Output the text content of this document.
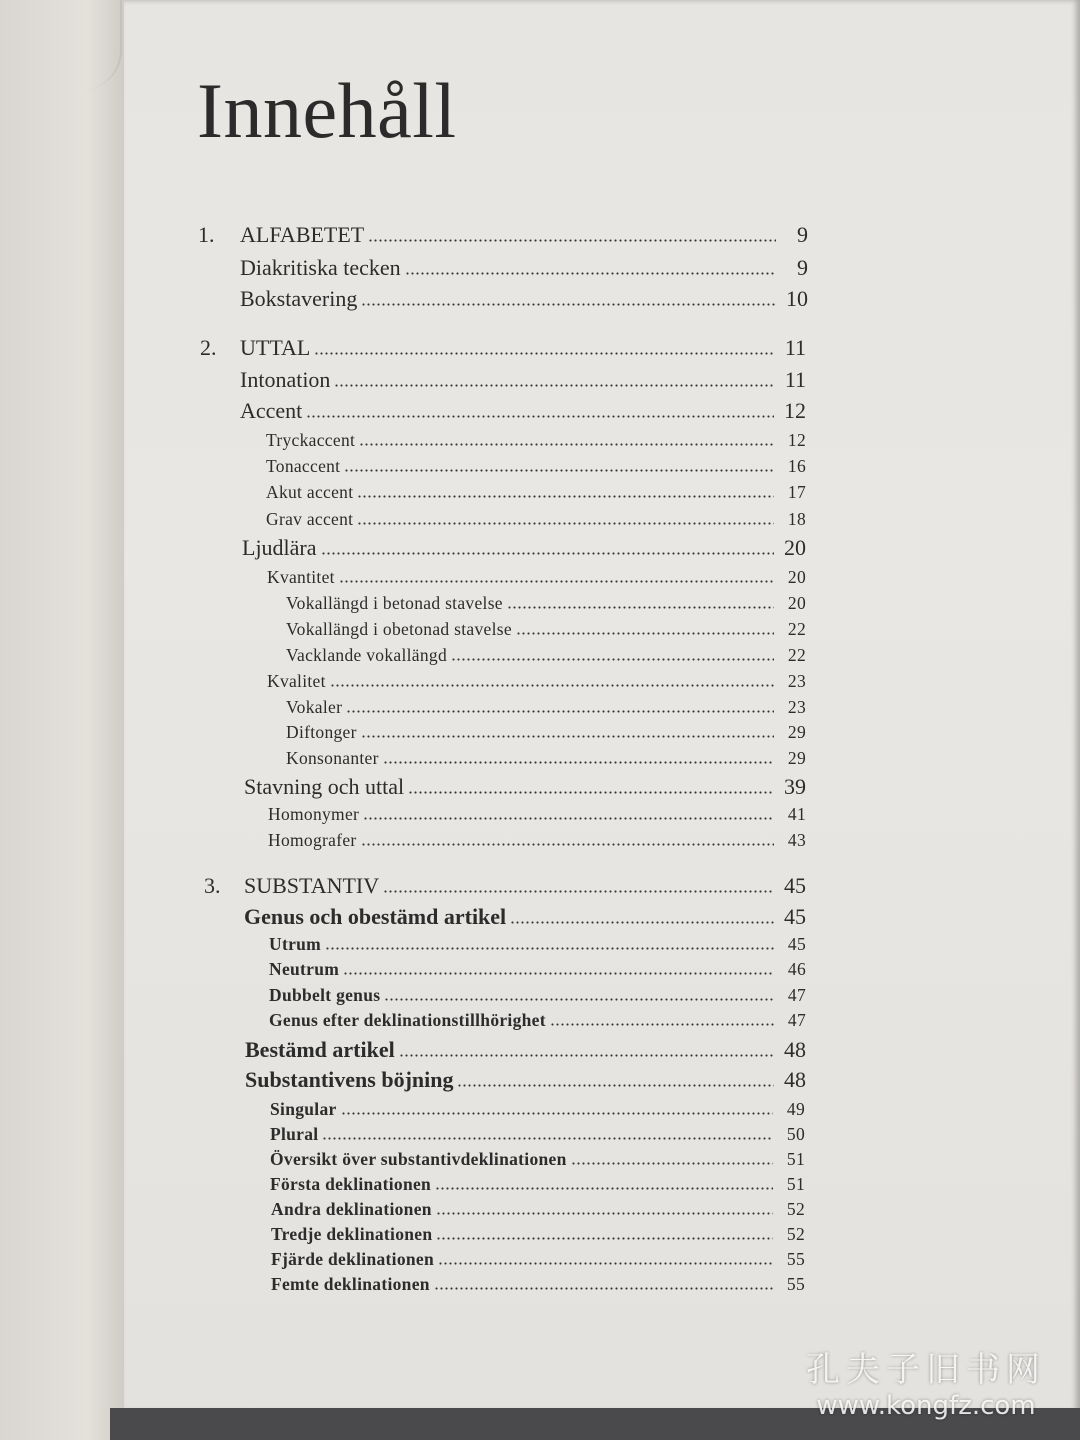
Innehåll
1. ALFABETET	9
Diakritiska tecken	9
Bokstavering	10
2. UTTAL	11
Intonation	11
Accent	12
Tryckaccent	12
Tonaccent	16
Akut accent	17
Grav accent	18
Ljudlära	20
Kvantitet	20
Vokallängd i betonad stavelse	20
Vokallängd i obetonad stavelse	22
Vacklande vokallängd	22
Kvalitet	23
Vokaler	23
Diftonger	29
Konsonanter	29
Stavning och uttal	39
Homonymer	41
Homografer	43
3. SUBSTANTIV	45
Genus och obestämd artikel	45
Utrum	45
Neutrum	46
Dubbelt genus	47
Genus efter deklinationstillhörighet	47
Bestämd artikel	48
Substantivens böjning	48
Singular	49
Plural	50
Översikt över substantivdeklinationen	51
Första deklinationen	51
Andra deklinationen	52
Tredje deklinationen	52
Fjärde deklinationen	55
Femte deklinationen	55
孔夫子旧书网
www.kongfz.com
